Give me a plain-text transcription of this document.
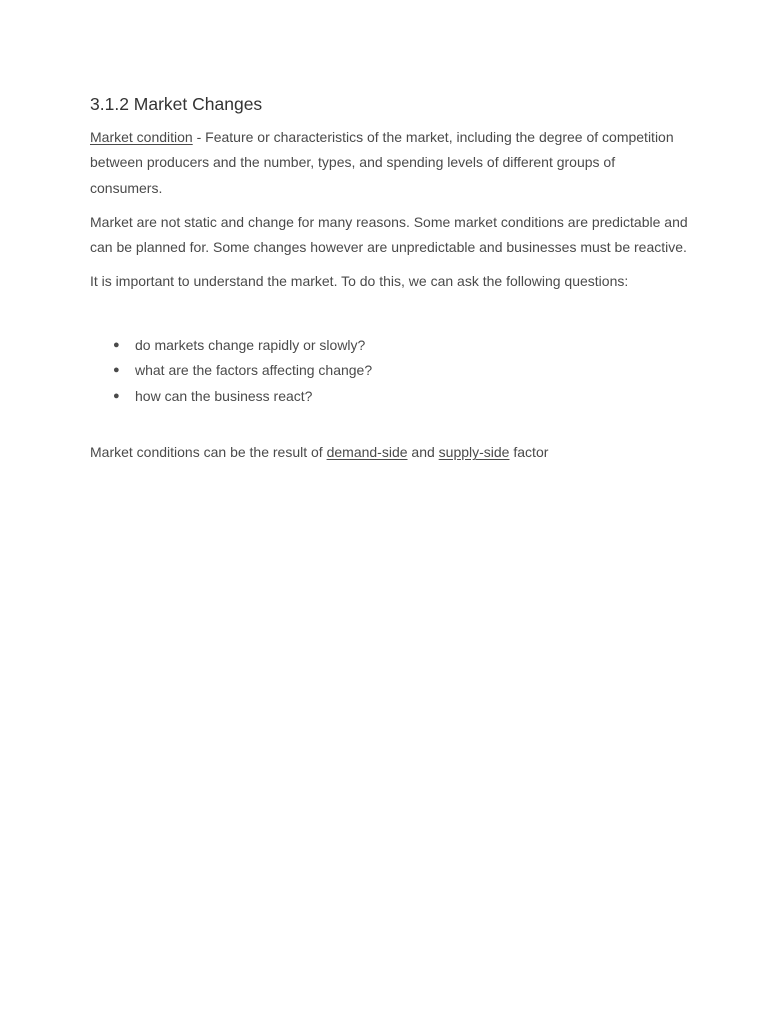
3.1.2 Market Changes

Market condition - Feature or characteristics of the market, including the degree of competition between producers and the number, types, and spending levels of different groups of consumers.

Market are not static and change for many reasons. Some market conditions are predictable and can be planned for. Some changes however are unpredictable and businesses must be reactive.

It is important to understand the market. To do this, we can ask the following questions:

● do markets change rapidly or slowly?
● what are the factors affecting change?
● how can the business react?

Market conditions can be the result of demand-side and supply-side factor
